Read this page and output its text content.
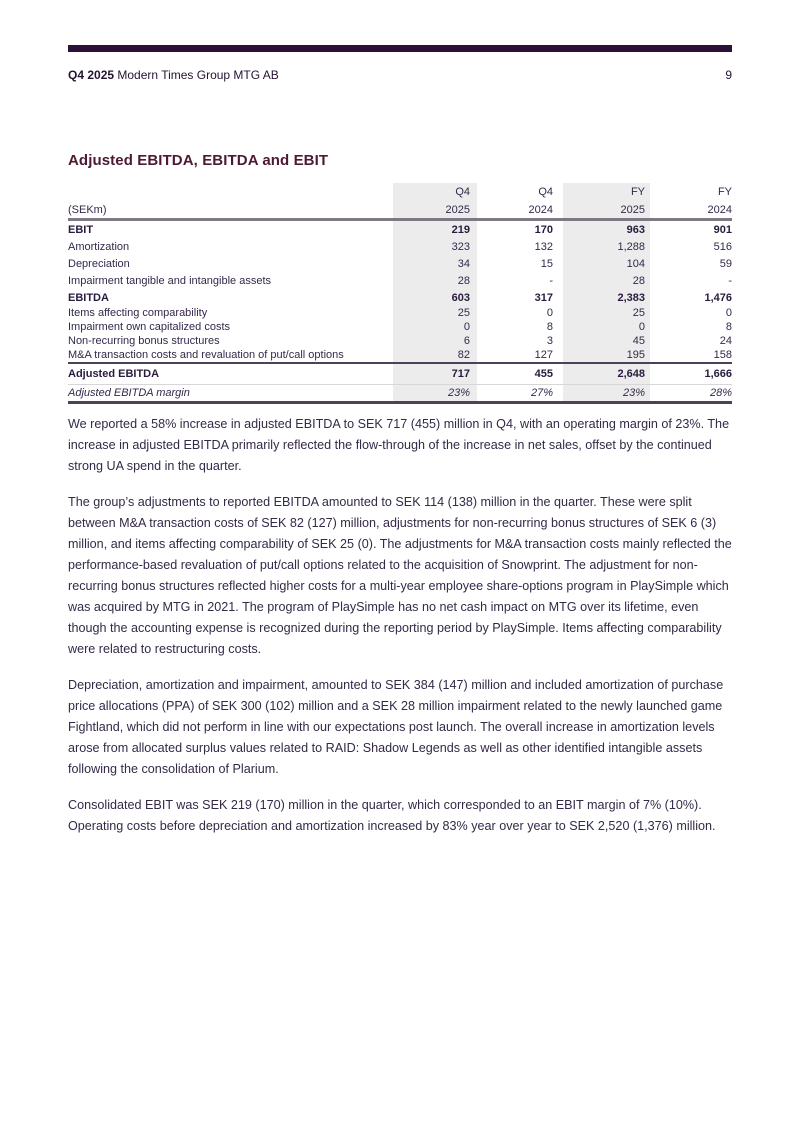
Q4 2025 Modern Times Group MTG AB	9
Adjusted EBITDA, EBITDA and EBIT
Q4	Q4	FY	FY
(SEKm)	2025	2024	2025	2024
EBIT	219	170	963	901
Amortization	323	132	1,288	516
Depreciation	34	15	104	59
Impairment tangible and intangible assets	28	-	28	-
EBITDA	603	317	2,383	1,476
Items affecting comparability	25	0	25	0
Impairment own capitalized costs	0	8	0	8
Non-recurring bonus structures	6	3	45	24
M&A transaction costs and revaluation of put/call options	82	127	195	158
Adjusted EBITDA	717	455	2,648	1,666
Adjusted EBITDA margin	23%	27%	23%	28%

We reported a 58% increase in adjusted EBITDA to SEK 717 (455) million in Q4, with an operating margin of 23%. The increase in adjusted EBITDA primarily reflected the flow-through of the increase in net sales, offset by the continued strong UA spend in the quarter.

The group’s adjustments to reported EBITDA amounted to SEK 114 (138) million in the quarter. These were split between M&A transaction costs of SEK 82 (127) million, adjustments for non-recurring bonus structures of SEK 6 (3) million, and items affecting comparability of SEK 25 (0). The adjustments for M&A transaction costs mainly reflected the performance-based revaluation of put/call options related to the acquisition of Snowprint. The adjustment for non-recurring bonus structures reflected higher costs for a multi-year employee share-options program in PlaySimple which was acquired by MTG in 2021. The program of PlaySimple has no net cash impact on MTG over its lifetime, even though the accounting expense is recognized during the reporting period by PlaySimple. Items affecting comparability were related to restructuring costs.

Depreciation, amortization and impairment, amounted to SEK 384 (147) million and included amortization of purchase price allocations (PPA) of SEK 300 (102) million and a SEK 28 million impairment related to the newly launched game Fightland, which did not perform in line with our expectations post launch. The overall increase in amortization levels arose from allocated surplus values related to RAID: Shadow Legends as well as other identified intangible assets following the consolidation of Plarium.

Consolidated EBIT was SEK 219 (170) million in the quarter, which corresponded to an EBIT margin of 7% (10%). Operating costs before depreciation and amortization increased by 83% year over year to SEK 2,520 (1,376) million.
